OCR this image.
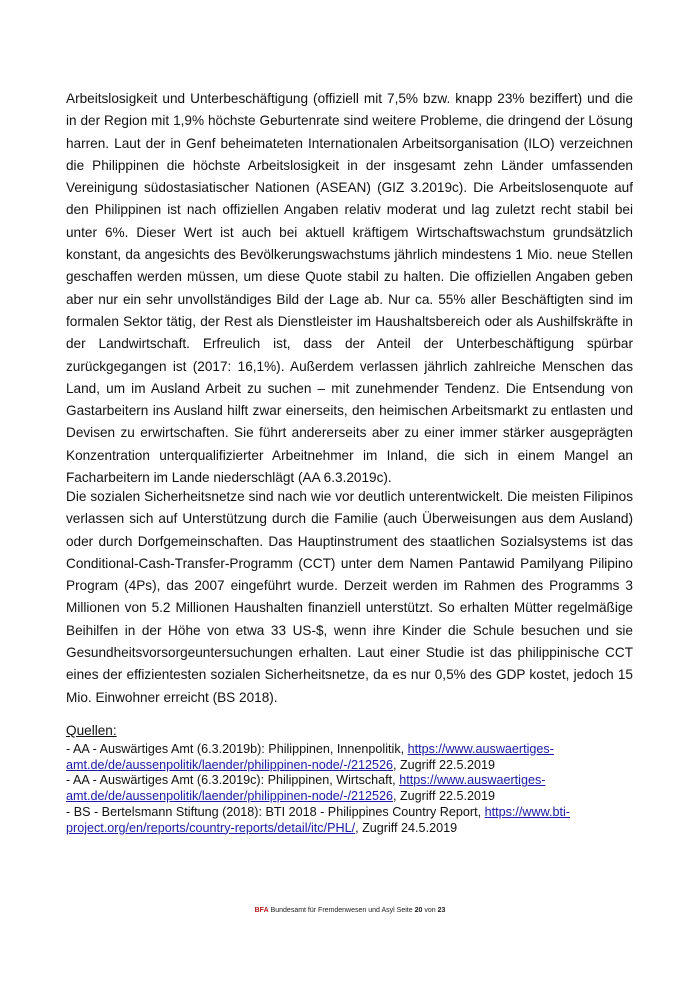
Arbeitslosigkeit und Unterbeschäftigung (offiziell mit 7,5% bzw. knapp 23% beziffert) und die in der Region mit 1,9% höchste Geburtenrate sind weitere Probleme, die dringend der Lösung harren. Laut der in Genf beheimateten Internationalen Arbeitsorganisation (ILO) verzeichnen die Philippinen die höchste Arbeitslosigkeit in der insgesamt zehn Länder umfassenden Vereinigung südostasiatischer Nationen (ASEAN) (GIZ 3.2019c). Die Arbeitslosenquote auf den Philippinen ist nach offiziellen Angaben relativ moderat und lag zuletzt recht stabil bei unter 6%. Dieser Wert ist auch bei aktuell kräftigem Wirtschaftswachstum grundsätzlich konstant, da angesichts des Bevölkerungswachstums jährlich mindestens 1 Mio. neue Stellen geschaffen werden müssen, um diese Quote stabil zu halten. Die offiziellen Angaben geben aber nur ein sehr unvollständiges Bild der Lage ab. Nur ca. 55% aller Beschäftigten sind im formalen Sektor tätig, der Rest als Dienstleister im Haushaltsbereich oder als Aushilfskräfte in der Landwirtschaft. Erfreulich ist, dass der Anteil der Unterbeschäftigung spürbar zurückgegangen ist (2017: 16,1%). Außerdem verlassen jährlich zahlreiche Menschen das Land, um im Ausland Arbeit zu suchen – mit zunehmender Tendenz. Die Entsendung von Gastarbeitern ins Ausland hilft zwar einerseits, den heimischen Arbeitsmarkt zu entlasten und Devisen zu erwirtschaften. Sie führt andererseits aber zu einer immer stärker ausgeprägten Konzentration unterqualifizierter Arbeitnehmer im Inland, die sich in einem Mangel an Facharbeitern im Lande niederschlägt (AA 6.3.2019c).

Die sozialen Sicherheitsnetze sind nach wie vor deutlich unterentwickelt. Die meisten Filipinos verlassen sich auf Unterstützung durch die Familie (auch Überweisungen aus dem Ausland) oder durch Dorfgemeinschaften. Das Hauptinstrument des staatlichen Sozialsystems ist das Conditional-Cash-Transfer-Programm (CCT) unter dem Namen Pantawid Pamilyang Pilipino Program (4Ps), das 2007 eingeführt wurde. Derzeit werden im Rahmen des Programms 3 Millionen von 5.2 Millionen Haushalten finanziell unterstützt. So erhalten Mütter regelmäßige Beihilfen in der Höhe von etwa 33 US-$, wenn ihre Kinder die Schule besuchen und sie Gesundheitsvorsorgeuntersuchungen erhalten. Laut einer Studie ist das philippinische CCT eines der effizientesten sozialen Sicherheitsnetze, da es nur 0,5% des GDP kostet, jedoch 15 Mio. Einwohner erreicht (BS 2018).

Quellen:

- AA - Auswärtiges Amt (6.3.2019b): Philippinen, Innenpolitik, https://www.auswaertiges-amt.de/de/aussenpolitik/laender/philippinen-node/-/212526, Zugriff 22.5.2019

- AA - Auswärtiges Amt (6.3.2019c): Philippinen, Wirtschaft, https://www.auswaertiges-amt.de/de/aussenpolitik/laender/philippinen-node/-/212526, Zugriff 22.5.2019

- BS - Bertelsmann Stiftung (2018): BTI 2018 - Philippines Country Report, https://www.bti-project.org/en/reports/country-reports/detail/itc/PHL/, Zugriff 24.5.2019

BFA Bundesamt für Fremdenwesen und Asyl Seite 20 von 23
